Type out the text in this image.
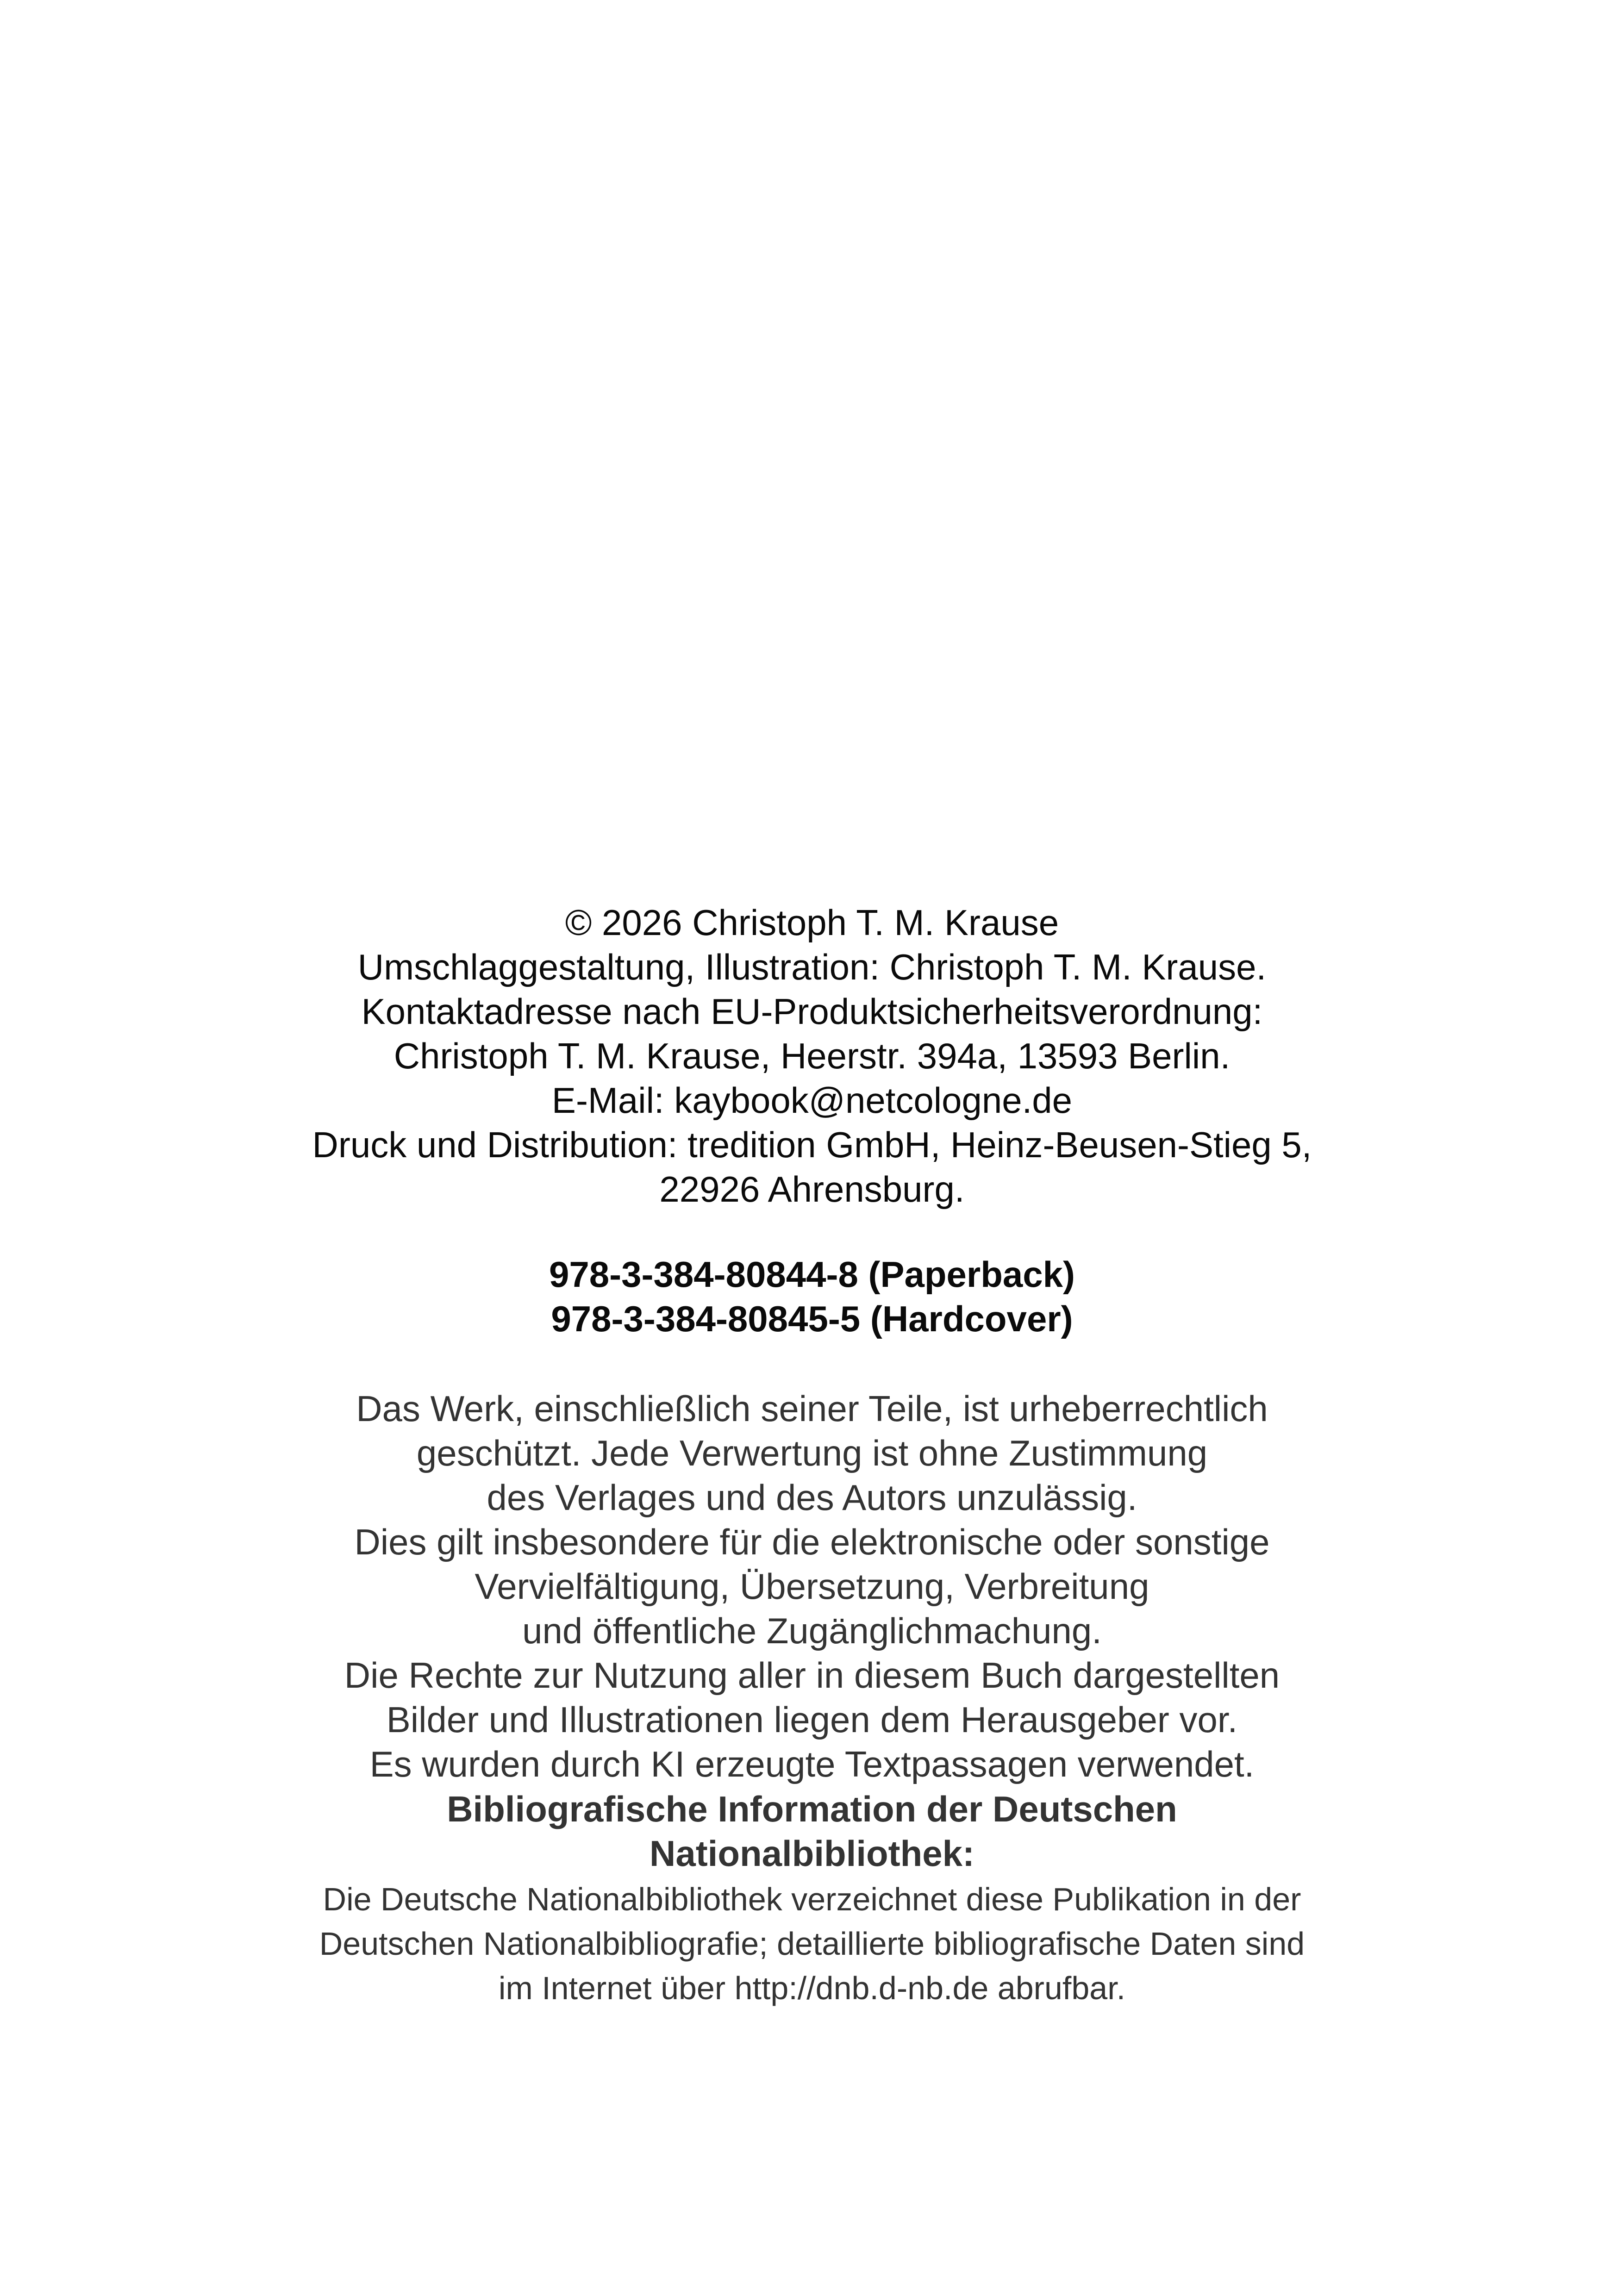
© 2026 Christoph T. M. Krause
Umschlaggestaltung, Illustration: Christoph T. M. Krause.
Kontaktadresse nach EU-Produktsicherheitsverordnung:
Christoph T. M. Krause, Heerstr. 394a, 13593 Berlin.
E-Mail: kaybook@netcologne.de
Druck und Distribution: tredition GmbH, Heinz-Beusen-Stieg 5,
22926 Ahrensburg.
978-3-384-80844-8 (Paperback)
978-3-384-80845-5 (Hardcover)
Das Werk, einschließlich seiner Teile, ist urheberrechtlich
geschützt. Jede Verwertung ist ohne Zustimmung
des Verlages und des Autors unzulässig.
Dies gilt insbesondere für die elektronische oder sonstige
Vervielfältigung, Übersetzung, Verbreitung
und öffentliche Zugänglichmachung.
Die Rechte zur Nutzung aller in diesem Buch dargestellten
Bilder und Illustrationen liegen dem Herausgeber vor.
Es wurden durch KI erzeugte Textpassagen verwendet.
Bibliografische Information der Deutschen
Nationalbibliothek:
Die Deutsche Nationalbibliothek verzeichnet diese Publikation in der
Deutschen Nationalbibliografie; detaillierte bibliografische Daten sind
im Internet über http://dnb.d-nb.de abrufbar.
